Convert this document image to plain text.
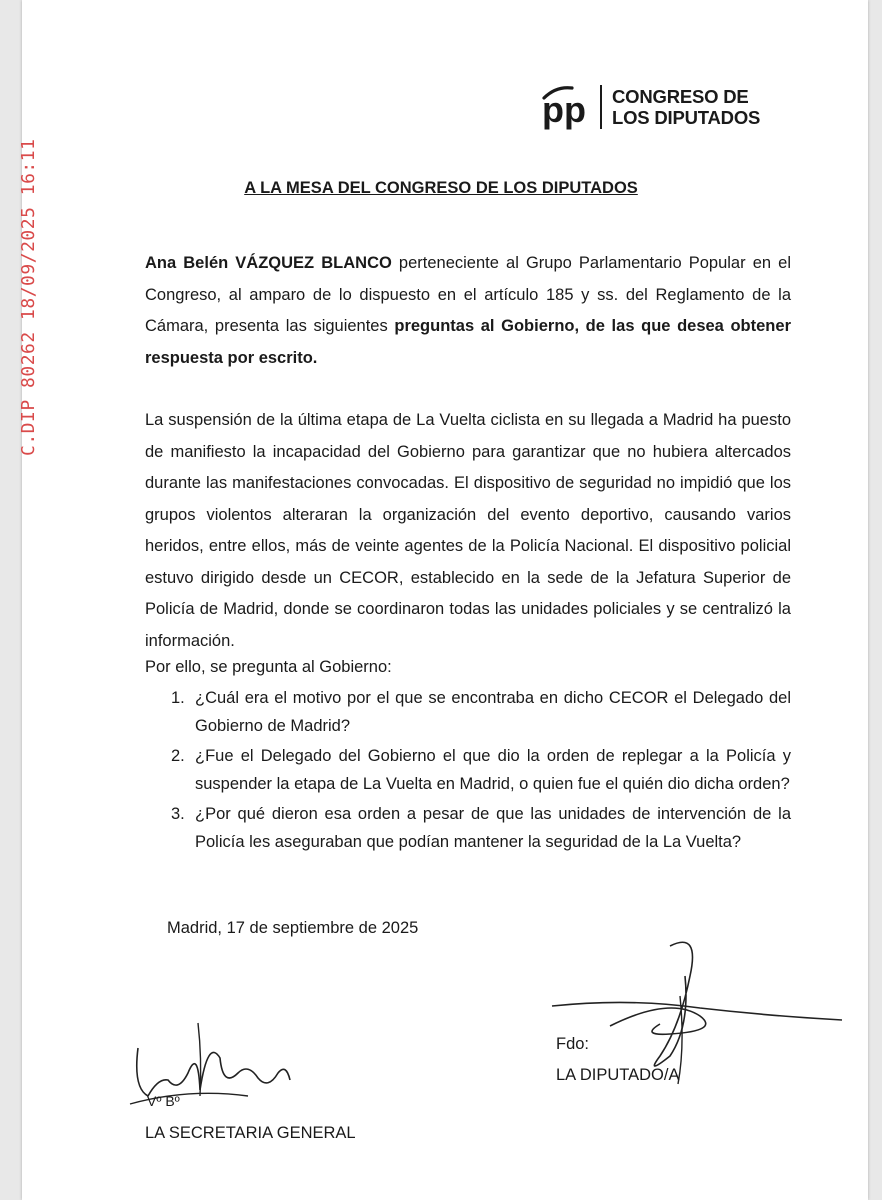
C.DIP 80262 18/09/2025 16:11
pp CONGRESO DE
LOS DIPUTADOS
A LA MESA DEL CONGRESO DE LOS DIPUTADOS

Ana Belén VÁZQUEZ BLANCO perteneciente al Grupo Parlamentario Popular en el Congreso, al amparo de lo dispuesto en el artículo 185 y ss. del Reglamento de la Cámara, presenta las siguientes preguntas al Gobierno, de las que desea obtener respuesta por escrito.

La suspensión de la última etapa de La Vuelta ciclista en su llegada a Madrid ha puesto de manifiesto la incapacidad del Gobierno para garantizar que no hubiera altercados durante las manifestaciones convocadas. El dispositivo de seguridad no impidió que los grupos violentos alteraran la organización del evento deportivo, causando varios heridos, entre ellos, más de veinte agentes de la Policía Nacional. El dispositivo policial estuvo dirigido desde un CECOR, establecido en la sede de la Jefatura Superior de Policía de Madrid, donde se coordinaron todas las unidades policiales y se centralizó la información.

Por ello, se pregunta al Gobierno:
1. ¿Cuál era el motivo por el que se encontraba en dicho CECOR el Delegado del Gobierno de Madrid?
2. ¿Fue el Delegado del Gobierno el que dio la orden de replegar a la Policía y suspender la etapa de La Vuelta en Madrid, o quien fue el quién dio dicha orden?
3. ¿Por qué dieron esa orden a pesar de que las unidades de intervención de la Policía les aseguraban que podían mantener la seguridad de la La Vuelta?
Madrid, 17 de septiembre de 2025
Fdo:
LA DIPUTADO/A
Vº Bº
LA SECRETARIA GENERAL
